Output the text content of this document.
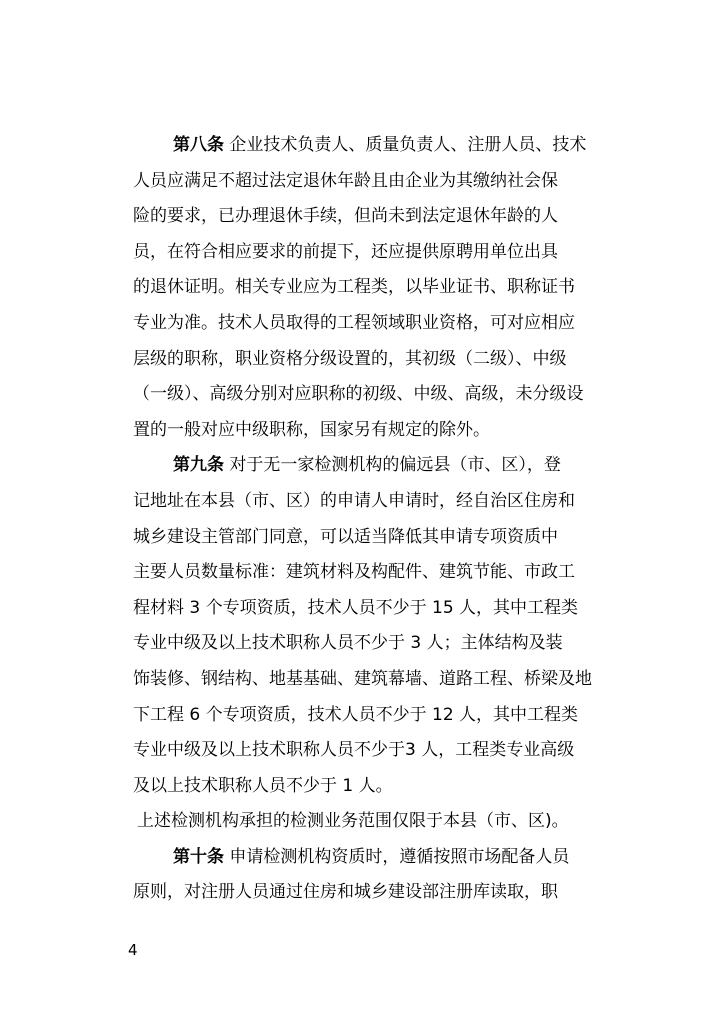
第八条 企业技术负责人、质量负责人、注册人员、技术
人员应满足不超过法定退休年龄且由企业为其缴纳社会保
险的要求，已办理退休手续，但尚未到法定退休年龄的人
员，在符合相应要求的前提下，还应提供原聘用单位出具
的退休证明。相关专业应为工程类，以毕业证书、职称证书
专业为准。技术人员取得的工程领域职业资格，可对应相应
层级的职称，职业资格分级设置的，其初级（二级）、中级
（一级）、高级分别对应职称的初级、中级、高级，未分级设
置的一般对应中级职称，国家另有规定的除外。
第九条 对于无一家检测机构的偏远县（市、区），登
记地址在本县（市、区）的申请人申请时，经自治区住房和
城乡建设主管部门同意，可以适当降低其申请专项资质中
主要人员数量标准：建筑材料及构配件、建筑节能、市政工
程材料 3 个专项资质，技术人员不少于 15 人，其中工程类
专业中级及以上技术职称人员不少于 3 人；主体结构及装
饰装修、钢结构、地基基础、建筑幕墙、道路工程、桥梁及地
下工程 6 个专项资质，技术人员不少于 12 人，其中工程类
专业中级及以上技术职称人员不少于3 人，工程类专业高级
及以上技术职称人员不少于 1 人。
上述检测机构承担的检测业务范围仅限于本县（市、区)。
第十条 申请检测机构资质时，遵循按照市场配备人员
原则，对注册人员通过住房和城乡建设部注册库读取，职
4
